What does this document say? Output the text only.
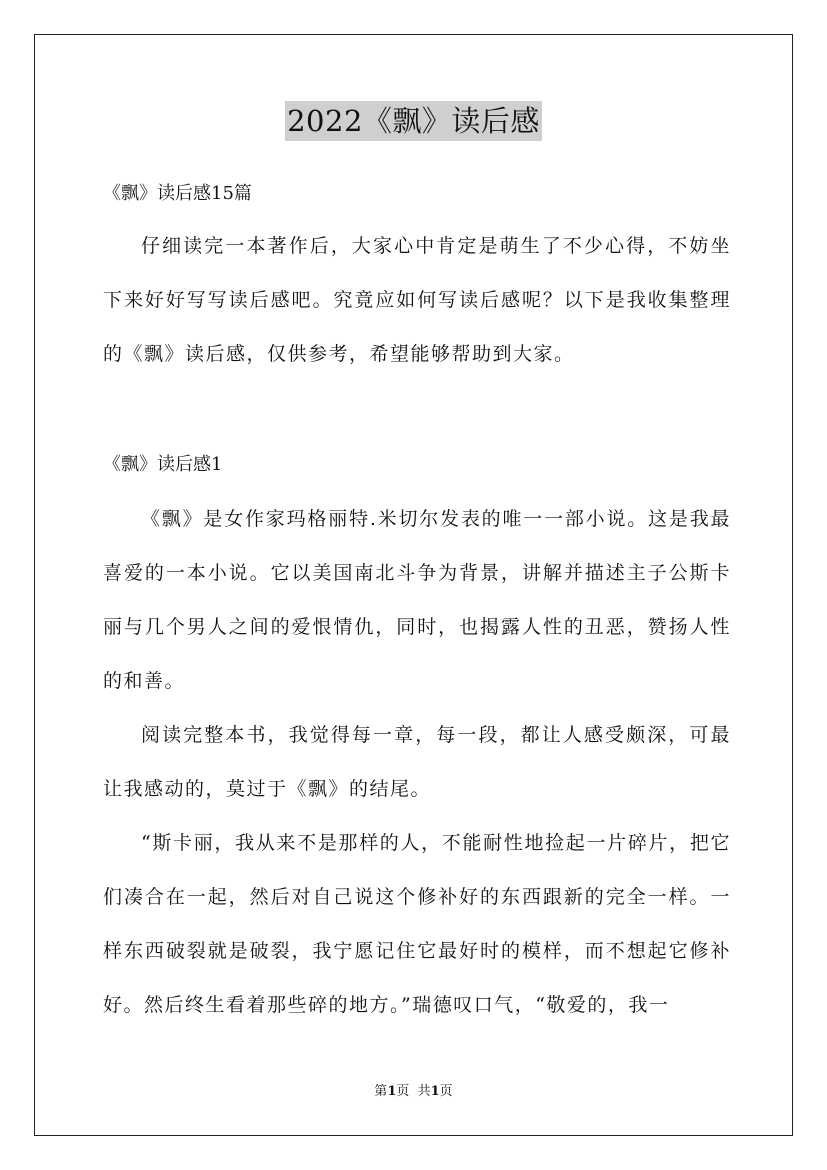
2022《飘》读后感
《飘》读后感15篇

仔细读完一本著作后，大家心中肯定是萌生了不少心得，不妨坐下来好好写写读后感吧。究竟应如何写读后感呢？以下是我收集整理的《飘》读后感，仅供参考，希望能够帮助到大家。

《飘》读后感1

《飘》是女作家玛格丽特.米切尔发表的唯一一部小说。这是我最喜爱的一本小说。它以美国南北斗争为背景，讲解并描述主子公斯卡丽与几个男人之间的爱恨情仇，同时，也揭露人性的丑恶，赞扬人性的和善。

阅读完整本书，我觉得每一章，每一段，都让人感受颇深，可最让我感动的，莫过于《飘》的结尾。

“斯卡丽，我从来不是那样的人，不能耐性地捡起一片碎片，把它们凑合在一起，然后对自己说这个修补好的东西跟新的完全一样。一样东西破裂就是破裂，我宁愿记住它最好时的模样，而不想起它修补好。然后终生看着那些碎的地方。”瑞德叹口气，“敬爱的，我一

第1页  共1页
